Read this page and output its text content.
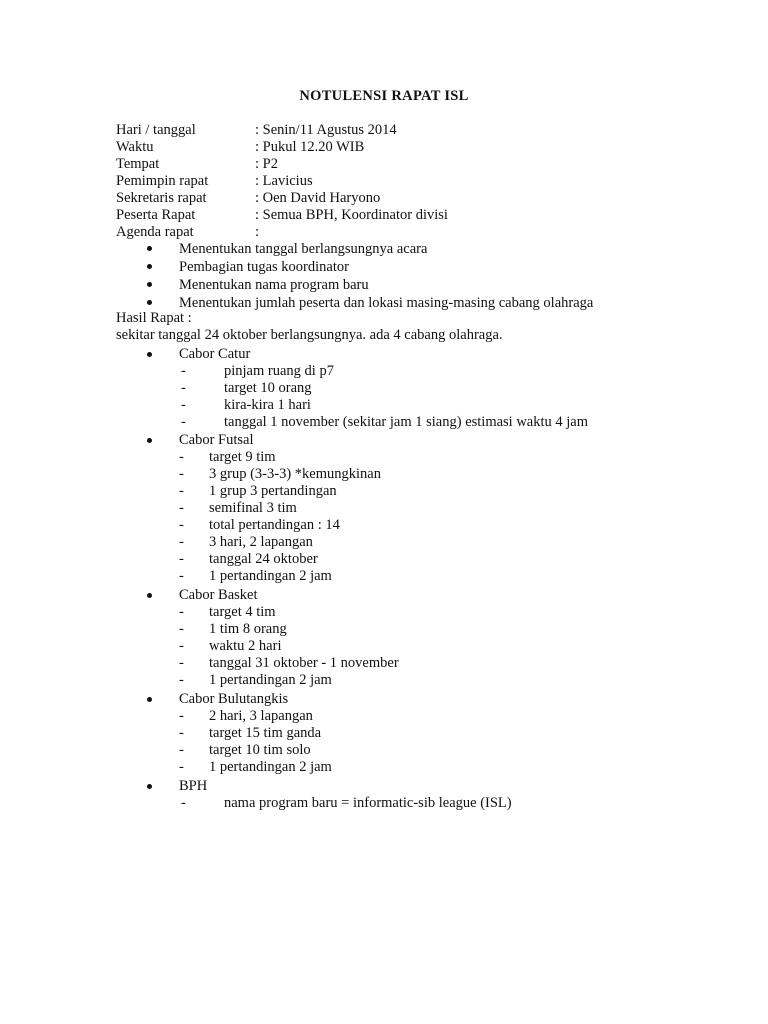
NOTULENSI RAPAT ISL
Hari / tanggal	: Senin/11 Agustus 2014
Waktu	: Pukul 12.20 WIB
Tempat	: P2
Pemimpin rapat	: Lavicius
Sekretaris rapat	: Oen David Haryono
Peserta Rapat	: Semua BPH, Koordinator divisi
Agenda rapat	:
Menentukan tanggal berlangsungnya acara
Pembagian tugas koordinator
Menentukan nama program baru
Menentukan jumlah peserta dan lokasi masing-masing cabang olahraga
Hasil Rapat :
sekitar tanggal 24 oktober berlangsungnya. ada 4 cabang olahraga.
Cabor Catur
-	pinjam ruang di p7
-	target 10 orang
-	kira-kira 1 hari
-	tanggal 1 november (sekitar jam 1 siang) estimasi waktu 4 jam
Cabor Futsal
- target 9 tim
- 3 grup (3-3-3) *kemungkinan
- 1 grup 3 pertandingan
- semifinal 3 tim
- total pertandingan : 14
- 3 hari, 2 lapangan
- tanggal 24 oktober
- 1 pertandingan 2 jam
Cabor Basket
- target 4 tim
- 1 tim 8 orang
- waktu 2 hari
- tanggal 31 oktober - 1 november
- 1 pertandingan 2 jam
Cabor Bulutangkis
- 2 hari, 3 lapangan
- target 15 tim ganda
- target 10 tim solo
- 1 pertandingan 2 jam
BPH
-	nama program baru = informatic-sib league (ISL)
